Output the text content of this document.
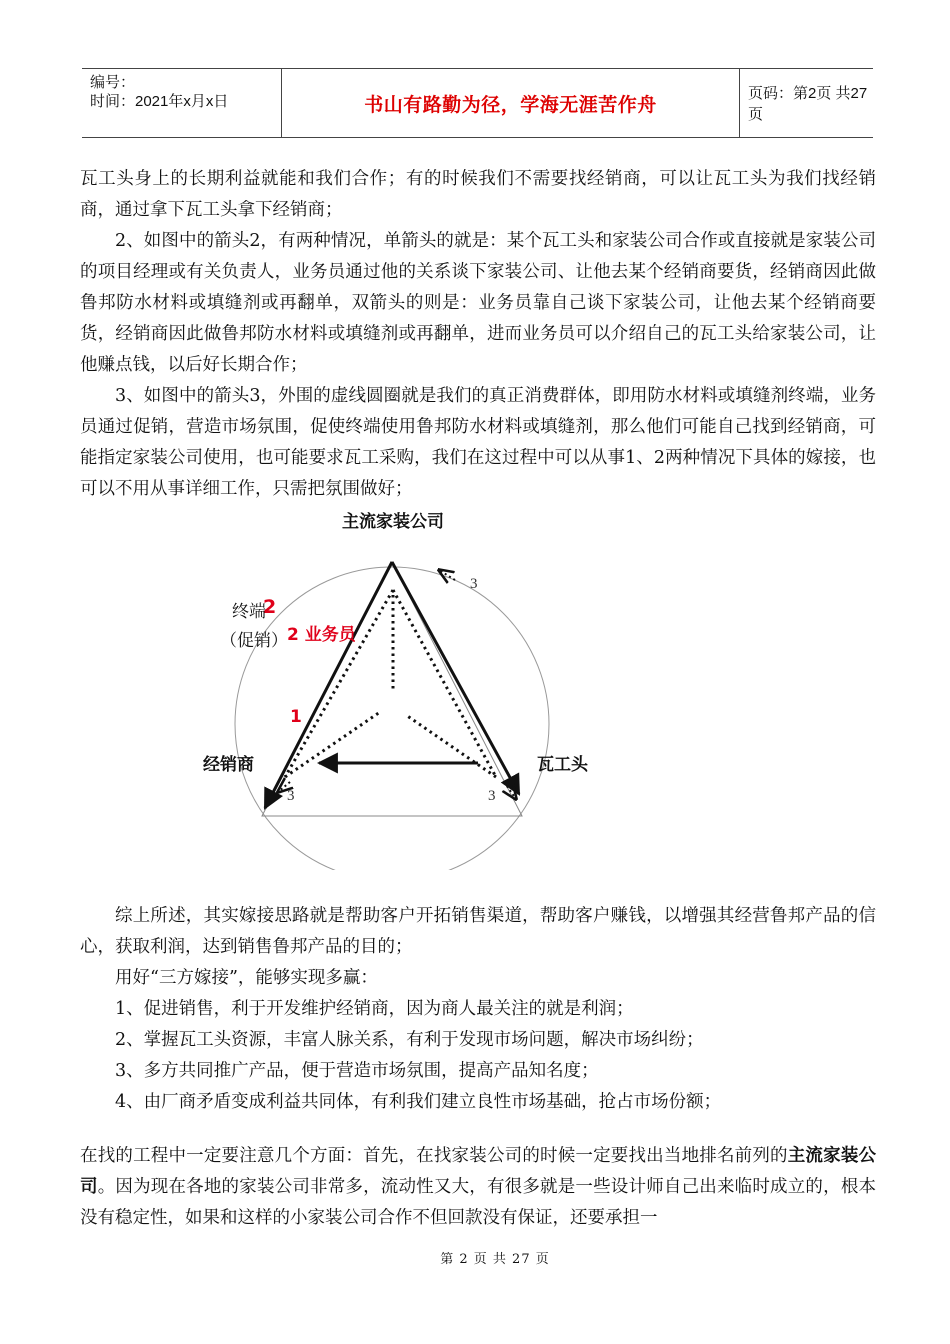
编号：
时间：2021年x月x日	书山有路勤为径，学海无涯苦作舟	页码：第2页 共27页

瓦工头身上的长期利益就能和我们合作；有的时候我们不需要找经销商，可以让瓦工头为我们找经销商，通过拿下瓦工头拿下经销商；

2、如图中的箭头2，有两种情况，单箭头的就是：某个瓦工头和家装公司合作或直接就是家装公司的项目经理或有关负责人，业务员通过他的关系谈下家装公司、让他去某个经销商要货，经销商因此做鲁邦防水材料或填缝剂或再翻单，双箭头的则是：业务员靠自己谈下家装公司，让他去某个经销商要货，经销商因此做鲁邦防水材料或填缝剂或再翻单，进而业务员可以介绍自己的瓦工头给家装公司，让他赚点钱，以后好长期合作；

3、如图中的箭头3，外围的虚线圆圈就是我们的真正消费群体，即用防水材料或填缝剂终端，业务员通过促销，营造市场氛围，促使终端使用鲁邦防水材料或填缝剂，那么他们可能自己找到经销商，可能指定家装公司使用，也可能要求瓦工采购，我们在这过程中可以从事1、2两种情况下具体的嫁接，也可以不用从事详细工作，只需把氛围做好；

主流家装公司
3
3	3
终端
2
（促销） 2 业务员
1
经销商	瓦工头

综上所述，其实嫁接思路就是帮助客户开拓销售渠道，帮助客户赚钱，以增强其经营鲁邦产品的信心，获取利润，达到销售鲁邦产品的目的；

用好“三方嫁接”，能够实现多赢：

1、促进销售，利于开发维护经销商，因为商人最关注的就是利润；

2、掌握瓦工头资源，丰富人脉关系，有利于发现市场问题，解决市场纠纷；

3、多方共同推广产品，便于营造市场氛围，提高产品知名度；

4、由厂商矛盾变成利益共同体，有利我们建立良性市场基础，抢占市场份额；

在找的工程中一定要注意几个方面：首先，在找家装公司的时候一定要找出当地排名前列的主流家装公司。因为现在各地的家装公司非常多，流动性又大，有很多就是一些设计师自己出来临时成立的，根本没有稳定性，如果和这样的小家装公司合作不但回款没有保证，还要承担一

第 2 页 共 27 页
